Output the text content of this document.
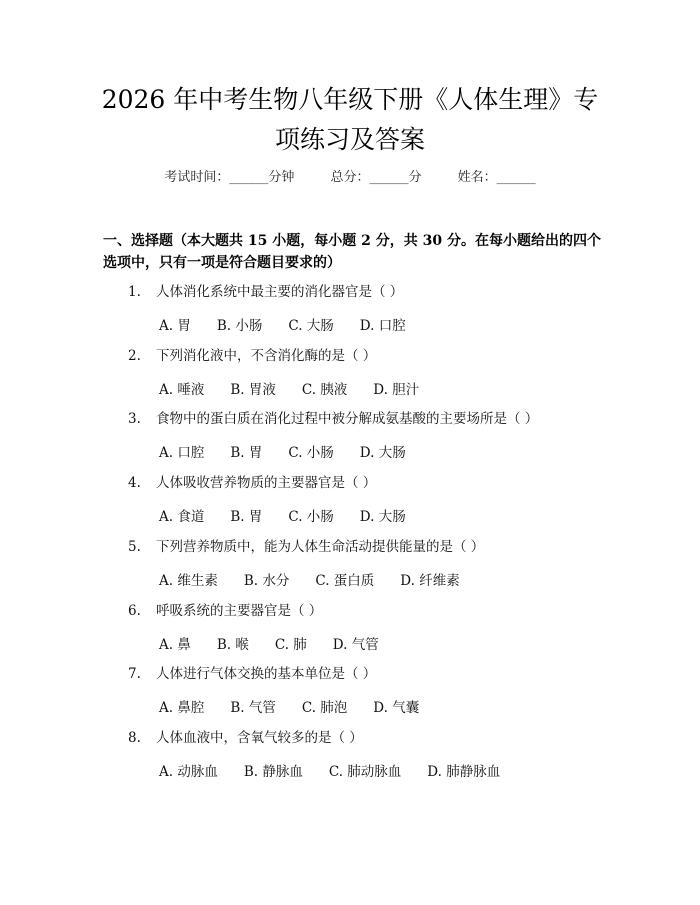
2026 年中考生物八年级下册《人体生理》专
项练习及答案
考试时间：______分钟	总分：______分	姓名：______
一、选择题（本大题共 15 小题，每小题 2 分，共 30 分。在每小题给出的四个选项中，只有一项是符合题目要求的）
1. 人体消化系统中最主要的消化器官是（ ）
A. 胃 B. 小肠 C. 大肠 D. 口腔
2. 下列消化液中，不含消化酶的是（ ）
A. 唾液 B. 胃液 C. 胰液 D. 胆汁
3. 食物中的蛋白质在消化过程中被分解成氨基酸的主要场所是（ ）
A. 口腔 B. 胃 C. 小肠 D. 大肠
4. 人体吸收营养物质的主要器官是（ ）
A. 食道 B. 胃 C. 小肠 D. 大肠
5. 下列营养物质中，能为人体生命活动提供能量的是（ ）
A. 维生素 B. 水分 C. 蛋白质 D. 纤维素
6. 呼吸系统的主要器官是（ ）
A. 鼻 B. 喉 C. 肺 D. 气管
7. 人体进行气体交换的基本单位是（ ）
A. 鼻腔 B. 气管 C. 肺泡 D. 气囊
8. 人体血液中，含氧气较多的是（ ）
A. 动脉血 B. 静脉血 C. 肺动脉血 D. 肺静脉血
